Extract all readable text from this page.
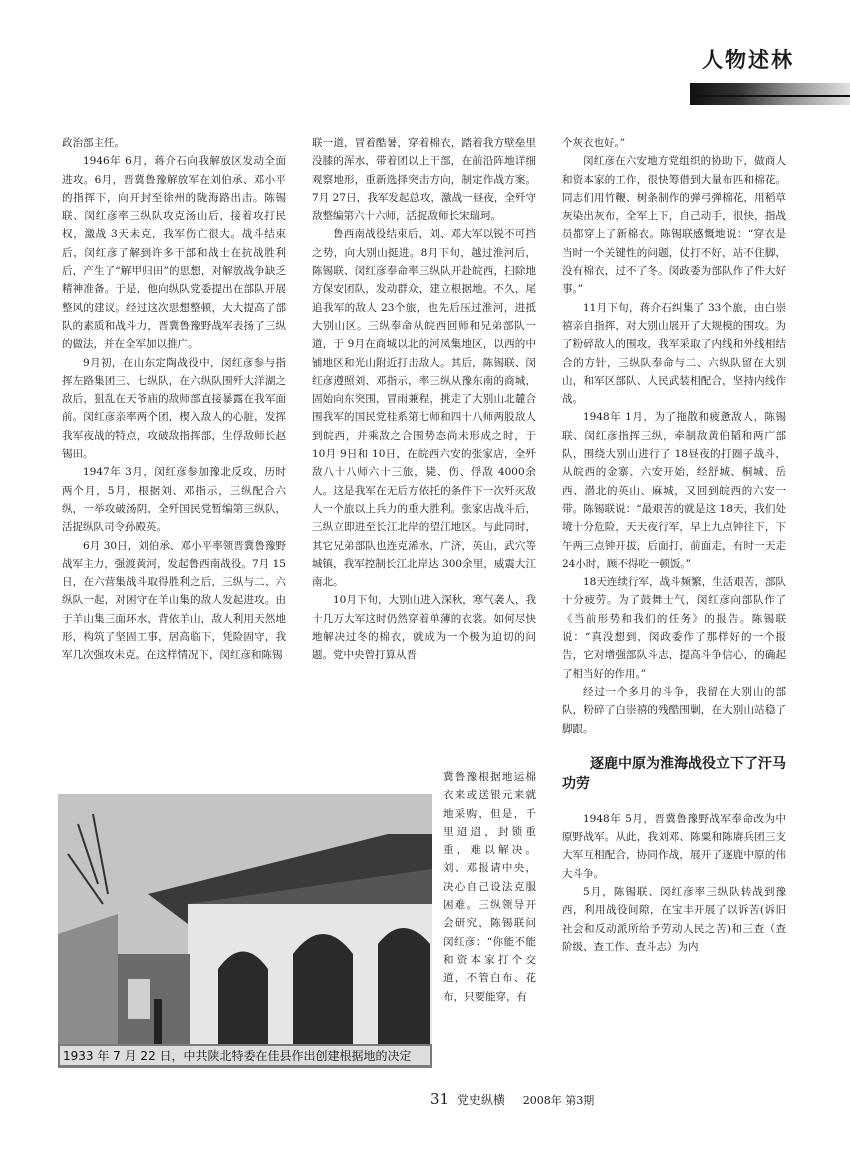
人物述林

政治部主任。

1946年 6月，蒋介石向我解放区发动全面进攻。6月，晋冀鲁豫解放军在刘伯承、邓小平的指挥下，向开封至徐州的陇海路出击。陈锡联、闵红彦率三纵队攻克汤山后，接着攻打民权，激战 3天未克，我军伤亡很大。战斗结束后，闵红彦了解到许多干部和战士在抗战胜利后，产生了“解甲归田”的思想，对解放战争缺乏精神准备。于是，他向纵队党委提出在部队开展整风的建议。经过这次思想整顿，大大提高了部队的素质和战斗力，晋冀鲁豫野战军表扬了三纵的做法，并在全军加以推广。

9月初，在山东定陶战役中，闵红彦参与指挥左路集团三、七纵队，在六纵队围歼大洋湖之敌后，狙乱在天爷庙的敌师部直接暴露在我军面前。闵红彦亲率两个团，楔入敌人的心脏，发挥我军夜战的特点，攻破敌指挥部，生俘敌师长赵锡田。

1947年 3月，闵红彦参加豫北反攻，历时两个月，5月，根据刘、邓指示，三纵配合六纵，一举攻破汤阴，全歼国民党暂编第三纵队，活捉纵队司令孙殿英。

6月 30日，刘伯承、邓小平率领晋冀鲁豫野战军主力，强渡黄河，发起鲁西南战役。7月 15日，在六营集战斗取得胜利之后，三纵与二、六纵队一起，对困守在羊山集的敌人发起进攻。由于羊山集三面环水，背依羊山，敌人利用天然地形，构筑了坚固工事，居高临下，凭险固守，我军几次强攻未克。在这样情况下，闵红彦和陈锡

联一道，冒着酷暑，穿着棉衣，踏着我方壁垒里没膝的浑水，带着团以上干部，在前沿阵地详细观察地形，重新选择突击方向，制定作战方案。7月 27日，我军发起总攻，激战一昼夜，全歼守敌整编第六十六师，活捉敌师长宋瑞珂。

鲁西南战役结束后，刘、邓大军以锐不可挡之势，向大别山挺进。8月下旬，越过淮河后，陈锡联、闵红彦奉命率三纵队开赴皖西，扫除地方保安团队，发动群众，建立根据地。不久，尾追我军的敌人 23个旅，也先后压过淮河，进抵大别山区。三纵奉命从皖西回师和兄弟部队一道，于 9月在商城以北的河凤集地区，以西的中铺地区和光山附近打击敌人。其后，陈锡联、闵红彦遵照刘、邓指示，率三纵从豫东南的商城，固始向东突围，冒雨兼程，挑走了大别山北麓合围我军的国民党桂系第七师和四十八师两股敌人到皖西，并乘敌之合围势态尚未形成之时，于 10月 9日和 10日，在皖西六安的张家店，全歼敌八十八师六十三旅，毙、伤、俘敌 4000余人。这是我军在无后方依托的条件下一次歼灭敌人一个旅以上兵力的重大胜利。张家店战斗后，三纵立即进至长江北岸的望江地区。与此同时，其它兄弟部队也连克浠水，广济，英山，武穴等城镇，我军控制长江北岸达 300余里，威震大江南北。

10月下旬，大别山进入深秋，寒气袭人，我十几万大军这时仍然穿着单薄的衣裳。如何尽快地解决过冬的棉衣，就成为一个极为迫切的问题。党中央曾打算从晋

冀鲁豫根据地运棉衣来或送银元来就地采购，但是，千里迢迢，封锁重重，难以解决。刘、邓报请中央，决心自己设法克服困难。三纵领导开会研究，陈锡联问闵红彦：“你能不能和资本家打个交道，不管白布、花布，只要能穿，有

1933 年 7 月 22 日，中共陕北特委在佳县作出创建根据地的决定

个灰衣也好。”

闵红彦在六安地方党组织的协助下，做商人和资本家的工作，很快筹借到大量布匹和棉花。同志们用竹鞭、树条制作的弹弓弹棉花，用稻草灰染出灰布，全军上下，自己动手，很快，指战员都穿上了新棉衣。陈锡联感慨地说：“穿衣是当时一个关键性的问题，仗打不好，站不住脚，没有棉衣，过不了冬。闵政委为部队作了件大好事。”

11月下旬，蒋介石纠集了 33个旅，由白崇禧亲自指挥，对大别山展开了大规模的围攻。为了粉碎敌人的围攻，我军采取了内线和外线相结合的方针，三纵队奉命与二、六纵队留在大别山，和军区部队、人民武装相配合，坚持内线作战。

1948年 1月，为了拖散和疲惫敌人，陈锡联、闵红彦指挥三纵，牵制敌黄伯韬和两广部队，围绕大别山进行了 18昼夜的打圈子战斗，从皖西的金寨、六安开始，经舒城、桐城、岳西、潜北的英山、麻城，又回到皖西的六安一带。陈锡联说：“最艰苦的就是这 18天，我们处境十分危险，天天夜行军，早上九点钟往下，下午两三点钟开拔，后面打，前面走，有时一天走 24小时，顾不得吃一顿饭。”

18天连续行军，战斗频繁，生活艰苦，部队十分疲劳。为了鼓舞士气，闵红彦向部队作了《当前形势和我们的任务》的报告。陈锡联说：“真没想到，闵政委作了那样好的一个报告，它对增强部队斗志，提高斗争信心，的确起了相当好的作用。”

经过一个多月的斗争，我留在大别山的部队，粉碎了白崇禧的残酷围剿，在大别山站稳了脚跟。

逐鹿中原为淮海战役立下了汗马功劳

1948年 5月，晋冀鲁豫野战军奉命改为中原野战军。从此，我刘邓、陈粟和陈赓兵团三支大军互相配合，协同作战，展开了逐鹿中原的伟大斗争。

5月，陈锡联、闵红彦率三纵队转战到豫西，利用战役间隙，在宝丰开展了以诉苦(诉旧社会和反动派所给予劳动人民之苦)和三查（查阶级、查工作、查斗志）为内

31 党史纵横 2008年 第3期
